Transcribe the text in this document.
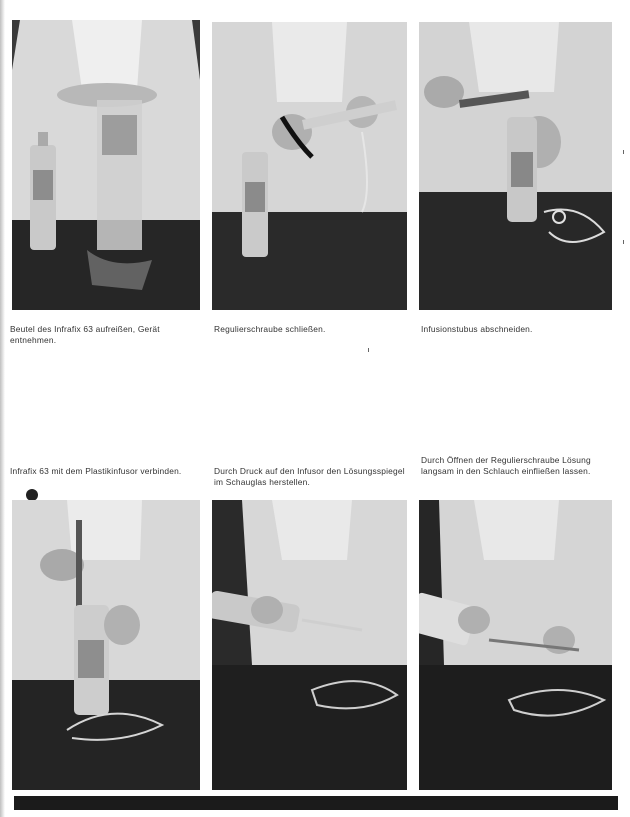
Beutel des Infrafix 63 aufreißen, Gerät entnehmen.
Regulierschraube schließen.	Infusionstubus abschneiden.
Infrafix 63 mit dem Plastikinfusor verbinden.	Durch Druck auf den Infusor den Lösungsspiegel im Schauglas herstellen.
Durch Öffnen der Regulierschraube Lösung langsam in den Schlauch einfließen lassen.
